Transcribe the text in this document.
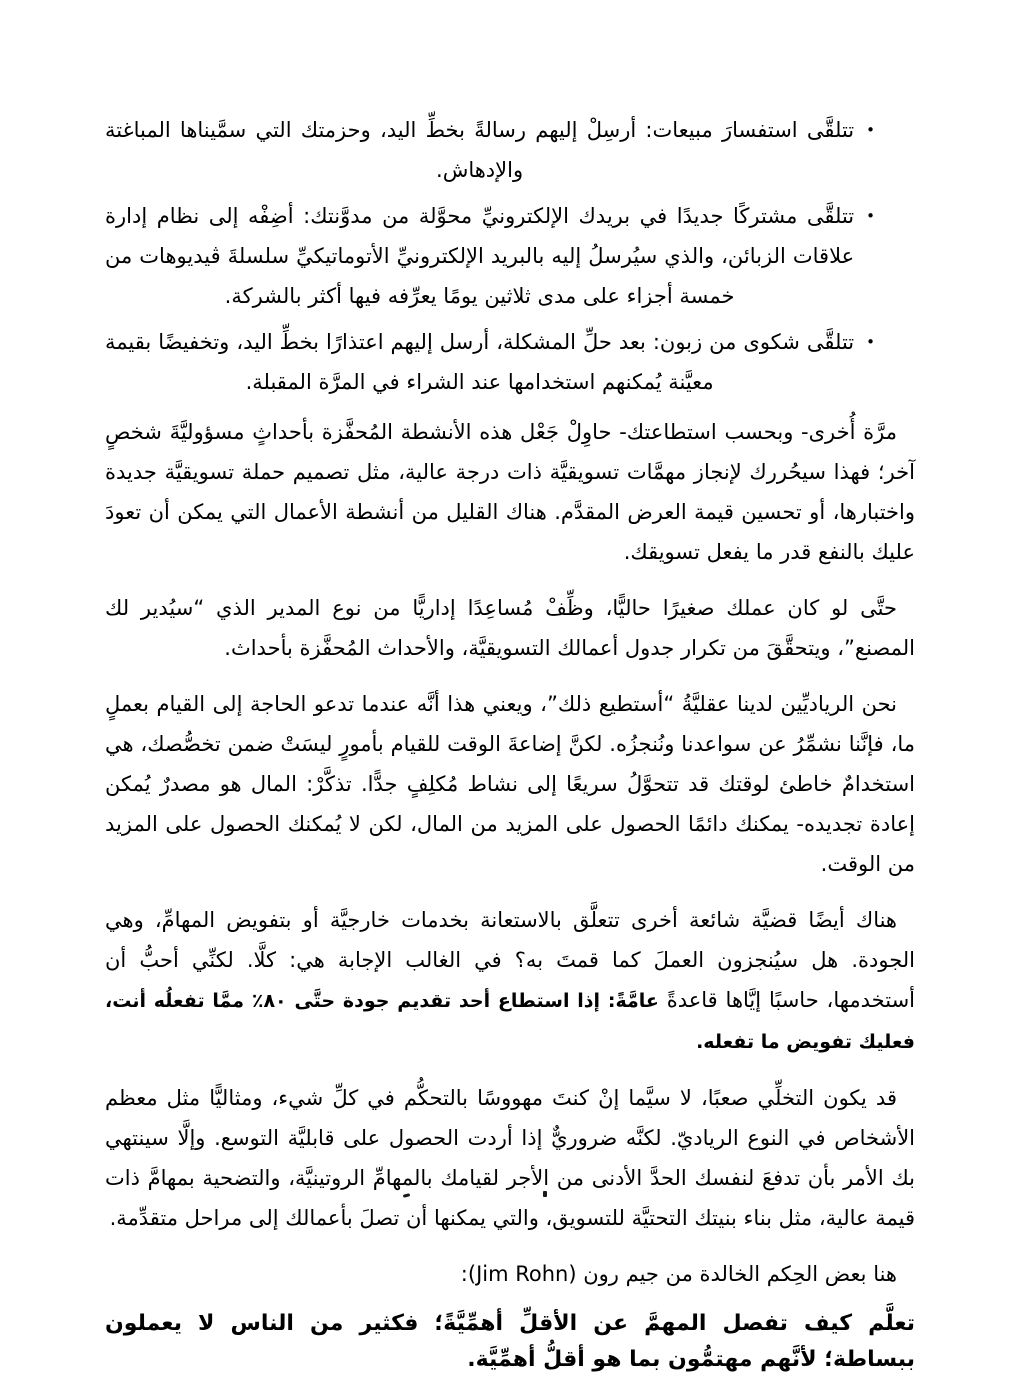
•
تتلقَّى استفسارَ مبيعات: أرسِلْ إليهم رسالةً بخطِّ اليد، وحزمتك التي سمَّيناها المباغتة والإدهاش.
•
تتلقَّى مشتركًا جديدًا في بريدك الإلكترونيِّ محوَّلة من مدوَّنتك: أضِفْه إلى نظام إدارة علاقات الزبائن، والذي سيُرسلُ إليه بالبريد الإلكترونيِّ الأتوماتيكيِّ سلسلةَ ڤيديوهات من خمسة أجزاء على مدى ثلاثين يومًا يعرِّفه فيها أكثر بالشركة.
•
تتلقَّى شكوى من زبون: بعد حلِّ المشكلة، أرسل إليهم اعتذارًا بخطِّ اليد، وتخفيضًا بقيمة معيَّنة يُمكنهم استخدامها عند الشراء في المرَّة المقبلة.

مرَّة أُخرى- وبحسب استطاعتك- حاوِلْ جَعْل هذه الأنشطة المُحفَّزة بأحداثٍ مسؤوليَّةَ شخصٍ آخر؛ فهذا سيحُررك لإنجاز مهمَّات تسويقيَّة ذات درجة عالية، مثل تصميم حملة تسويقيَّة جديدة واختبارها، أو تحسين قيمة العرض المقدَّم. هناك القليل من أنشطة الأعمال التي يمكن أن تعودَ عليك بالنفع قدر ما يفعل تسويقك.

حتَّى لو كان عملك صغيرًا حاليًّا، وظِّفْ مُساعِدًا إداريًّا من نوع المدير الذي “سيُدير لك المصنع”، ويتحقَّقَ من تكرار جدول أعمالك التسويقيَّة، والأحداث المُحفَّزة بأحداث.

نحن الرياديِّين لدينا عقليَّةُ “أستطيع ذلك”، ويعني هذا أنَّه عندما تدعو الحاجة إلى القيام بعملٍ ما، فإنَّنا نشمِّرُ عن سواعدنا ونُنجزُه. لكنَّ إضاعةَ الوقت للقيام بأمورٍ ليسَتْ ضمن تخصُّصك، هي استخدامٌ خاطئ لوقتك قد تتحوَّلُ سريعًا إلى نشاط مُكلِفٍ جدًّا. تذكَّرْ: المال هو مصدرٌ يُمكن إعادة تجديده- يمكنك دائمًا الحصول على المزيد من المال، لكن لا يُمكنك الحصول على المزيد من الوقت.

هناك أيضًا قضيَّة شائعة أخرى تتعلَّق بالاستعانة بخدمات خارجيَّة أو بتفويض المهامِّ، وهي الجودة. هل سيُنجزون العملَ كما قمتَ به؟ في الغالب الإجابة هي: كلَّا. لكنِّي أحبُّ أن أستخدمها، حاسبًا إيَّاها قاعدةً عامَّةً: إذا استطاع أحد تقديم جودة حتَّى ٨٠٪ ممَّا تفعلُه أنت، فعليك تفويض ما تفعله.

قد يكون التخلِّي صعبًا، لا سيَّما إنْ كنتَ مهووسًا بالتحكُّم في كلِّ شيء، ومثاليًّا مثل معظم الأشخاص في النوع الرياديّ. لكنَّه ضروريٌّ إذا أردت الحصول على قابليَّة التوسع. وإلَّا سينتهي بك الأمر بأن تدفعَ لنفسك الحدَّ الأدنى من الأجر لقيامك بالمهامِّ الروتينيَّة، والتضحية بمهامَّ ذات قيمة عالية، مثل بناء بنيتك التحتيَّة للتسويق، والتي يمكنها أن تصلَ بأعمالك إلى مراحل متقدِّمة.

هنا بعض الحِكم الخالدة من جيم رون (Jim Rohn):

تعلَّم كيف تفصل المهمَّ عن الأقلِّ أهمِّيَّةً؛ فكثير من الناس لا يعملون ببساطة؛ لأنَّهم مهتمُّون بما هو أقلُّ أهمِّيَّة.
